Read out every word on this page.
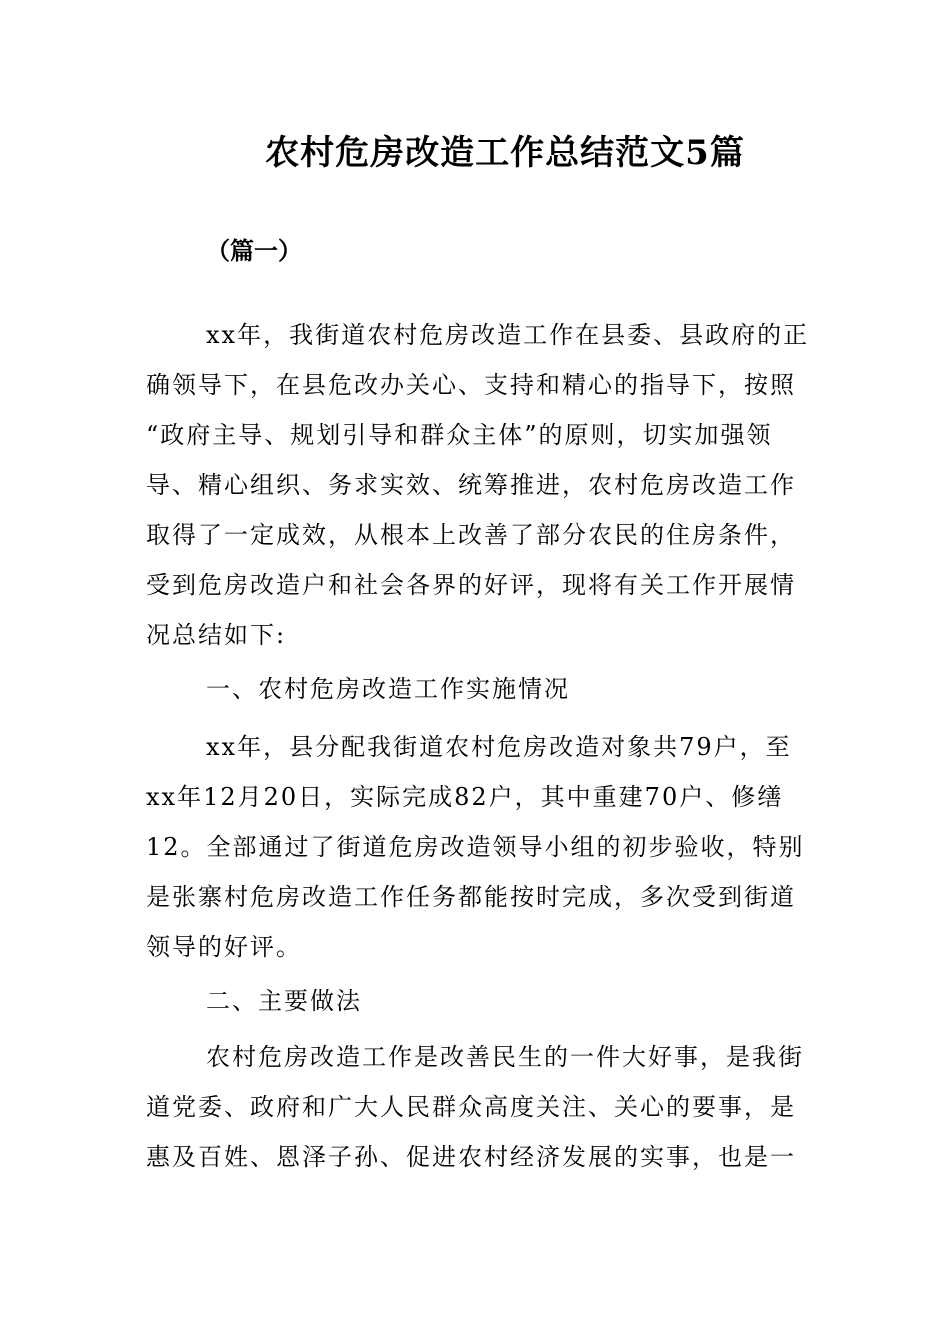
农村危房改造工作总结范文5篇
（篇一）
xx年，我街道农村危房改造工作在县委、县政府的正
确领导下，在县危改办关心、支持和精心的指导下，按照
“政府主导、规划引导和群众主体”的原则，切实加强领
导、精心组织、务求实效、统筹推进，农村危房改造工作
取得了一定成效，从根本上改善了部分农民的住房条件，
受到危房改造户和社会各界的好评，现将有关工作开展情
况总结如下:
一、农村危房改造工作实施情况
xx年，县分配我街道农村危房改造对象共79户，至
xx年12月20日，实际完成82户，其中重建70户、修缮
12。全部通过了街道危房改造领导小组的初步验收，特别
是张寨村危房改造工作任务都能按时完成，多次受到街道
领导的好评。
二、主要做法
农村危房改造工作是改善民生的一件大好事，是我街
道党委、政府和广大人民群众高度关注、关心的要事，是
惠及百姓、恩泽子孙、促进农村经济发展的实事，也是一
